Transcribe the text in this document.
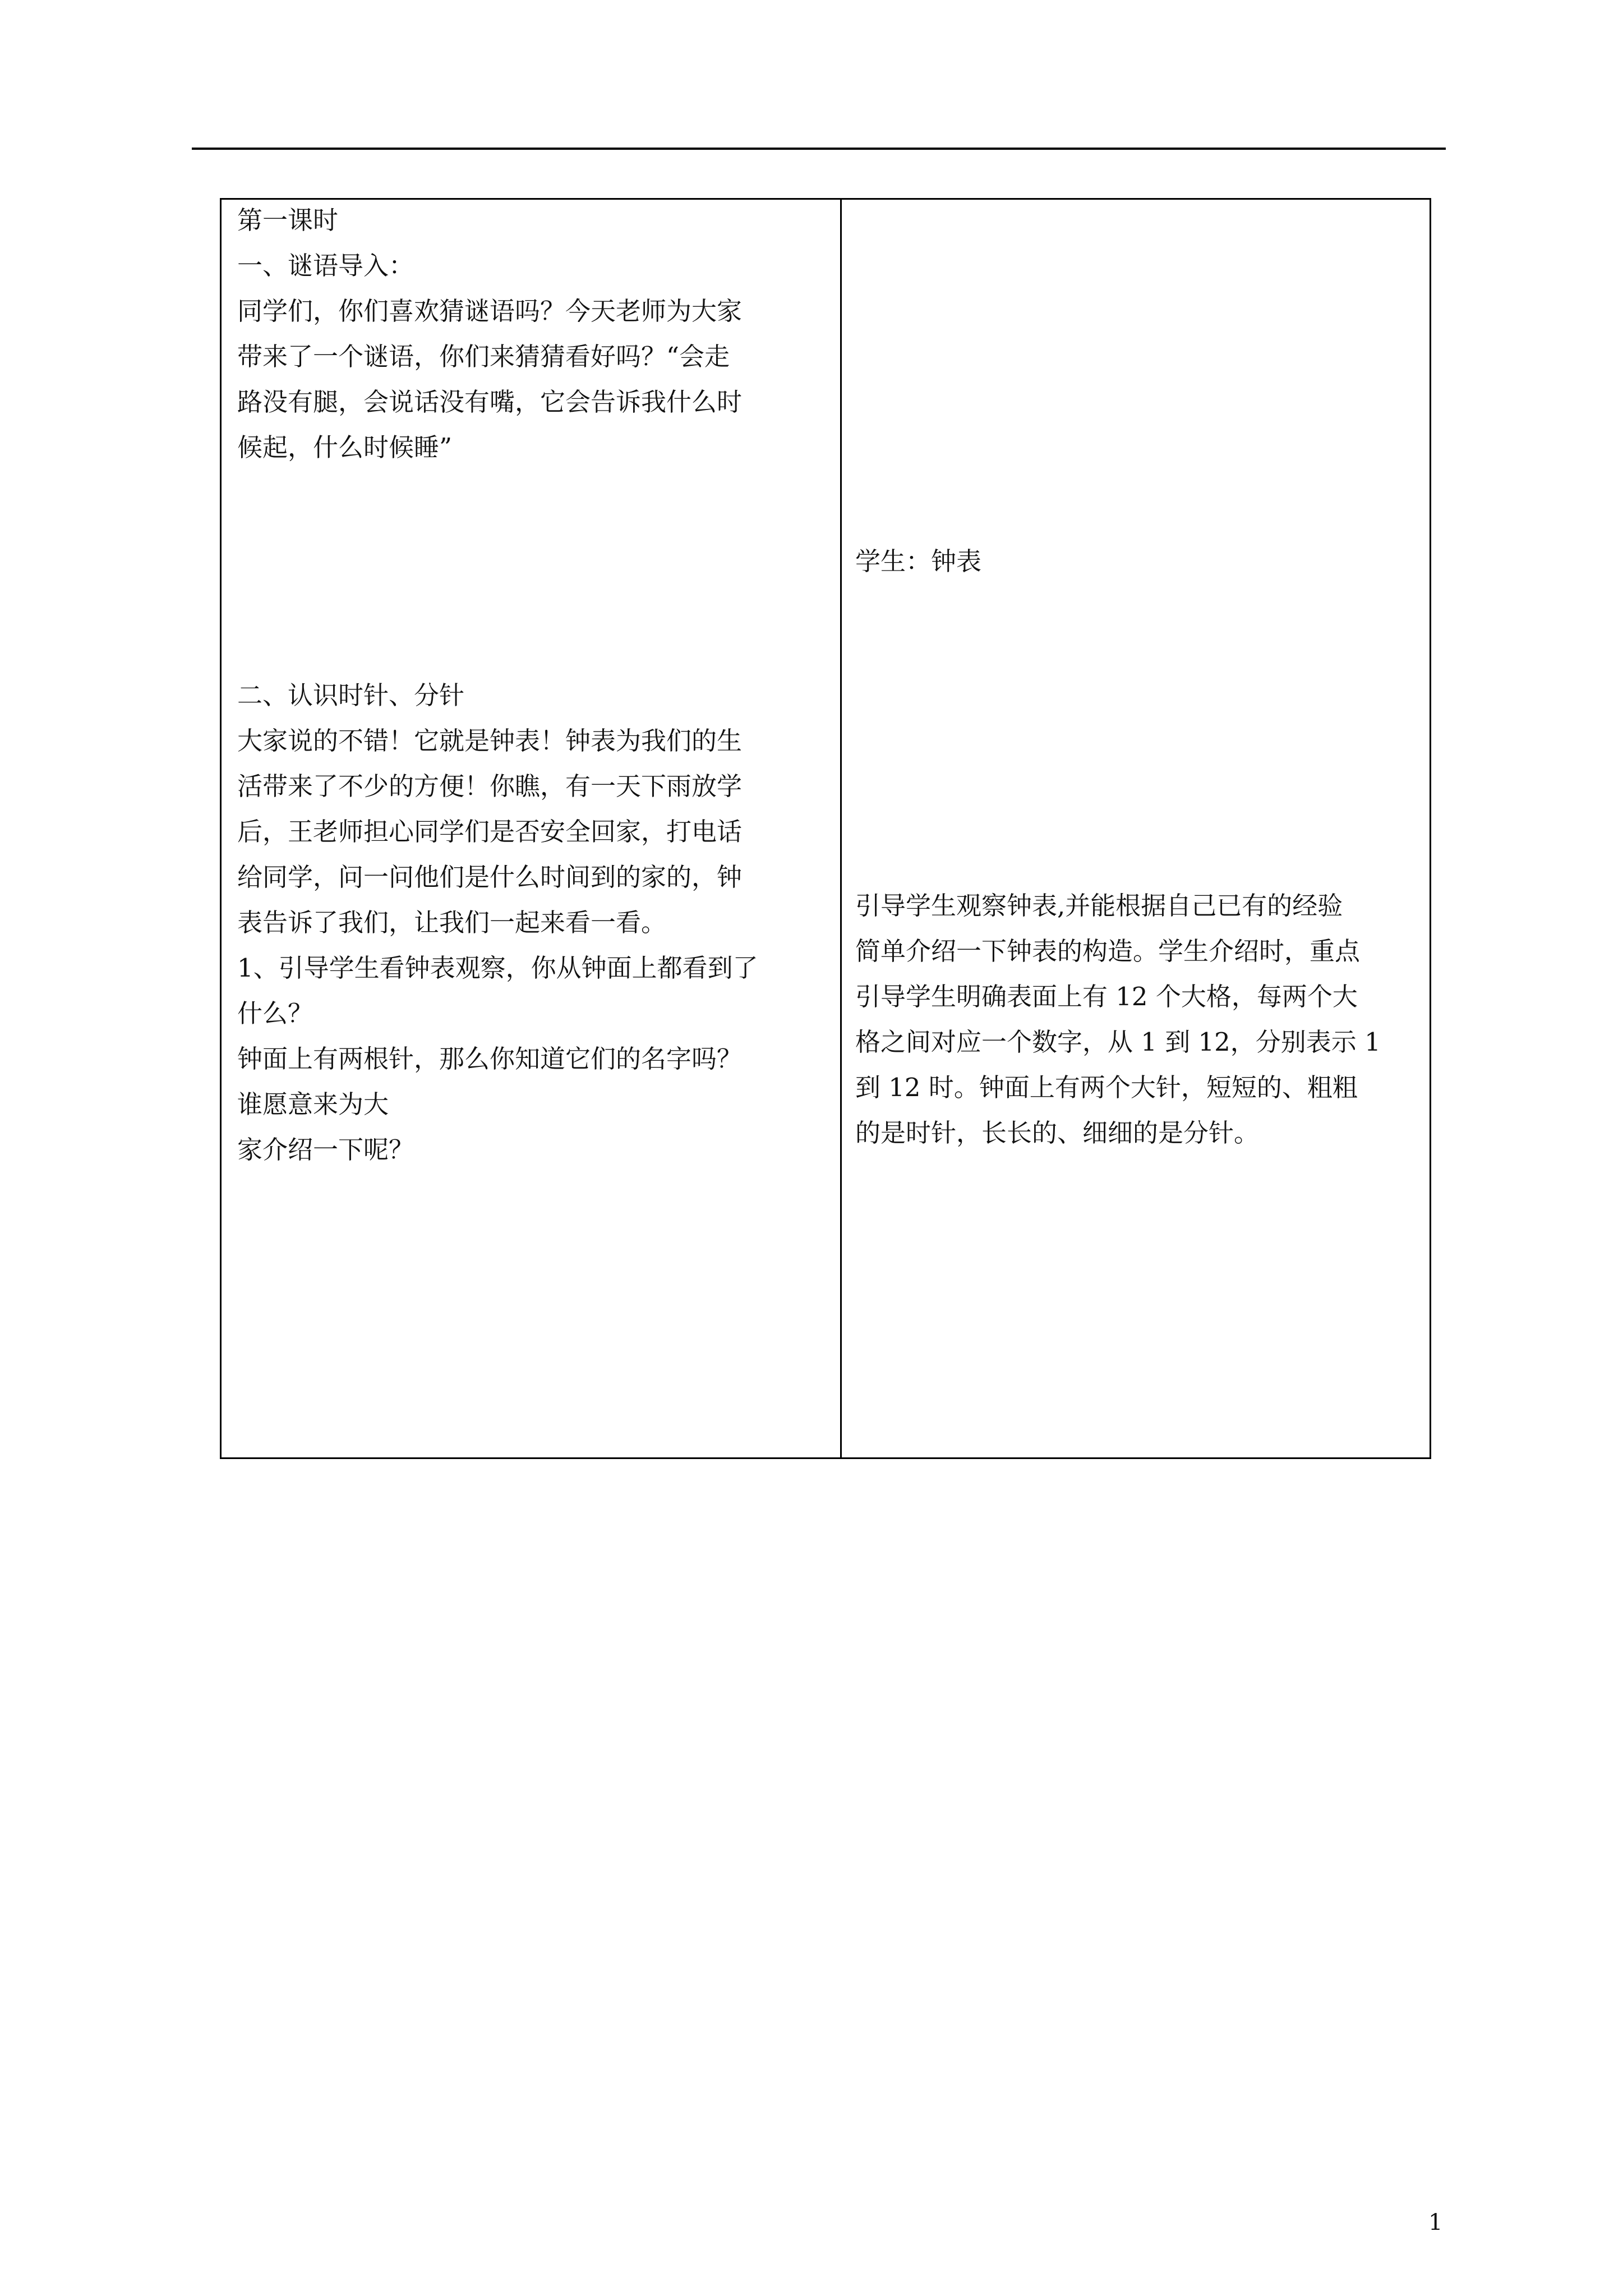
第一课时

一、谜语导入：

同学们，你们喜欢猜谜语吗？今天老师为大家

带来了一个谜语，你们来猜猜看好吗？“会走

路没有腿，会说话没有嘴，它会告诉我什么时

候起，什么时候睡”

二、认识时针、分针

大家说的不错！它就是钟表！钟表为我们的生

活带来了不少的方便！你瞧，有一天下雨放学

后，王老师担心同学们是否安全回家，打电话

给同学，问一问他们是什么时间到的家的，钟

表告诉了我们，让我们一起来看一看。

1、引导学生看钟表观察，你从钟面上都看到了

什么？

钟面上有两根针，那么你知道它们的名字吗？

谁愿意来为大

家介绍一下呢？

学生：钟表

引导学生观察钟表,并能根据自己已有的经验

简单介绍一下钟表的构造。学生介绍时，重点

引导学生明确表面上有 12 个大格，每两个大

格之间对应一个数字，从 1 到 12，分别表示 1

到 12 时。钟面上有两个大针，短短的、粗粗

的是时针，长长的、细细的是分针。

1
